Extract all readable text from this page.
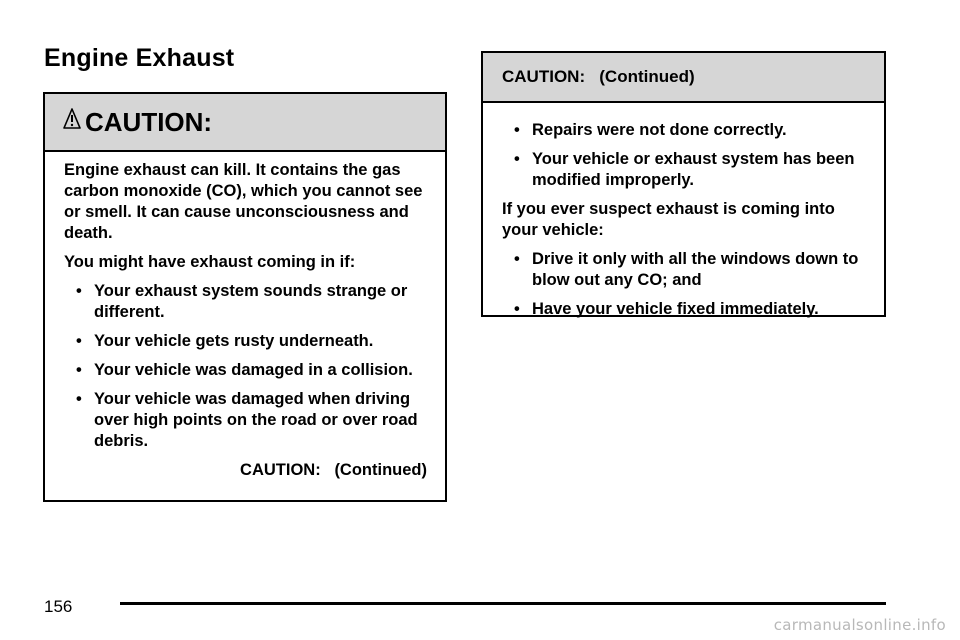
Engine Exhaust
CAUTION:

Engine exhaust can kill. It contains the gas carbon monoxide (CO), which you cannot see or smell. It can cause unconsciousness and death.

You might have exhaust coming in if:

• Your exhaust system sounds strange or different.
• Your vehicle gets rusty underneath.
• Your vehicle was damaged in a collision.
• Your vehicle was damaged when driving over high points on the road or over road debris.
CAUTION:   (Continued)
CAUTION:   (Continued)
• Repairs were not done correctly.
• Your vehicle or exhaust system has been modified improperly.

If you ever suspect exhaust is coming into your vehicle:

• Drive it only with all the windows down to blow out any CO; and
• Have your vehicle fixed immediately.
156
carmanualsonline.info
